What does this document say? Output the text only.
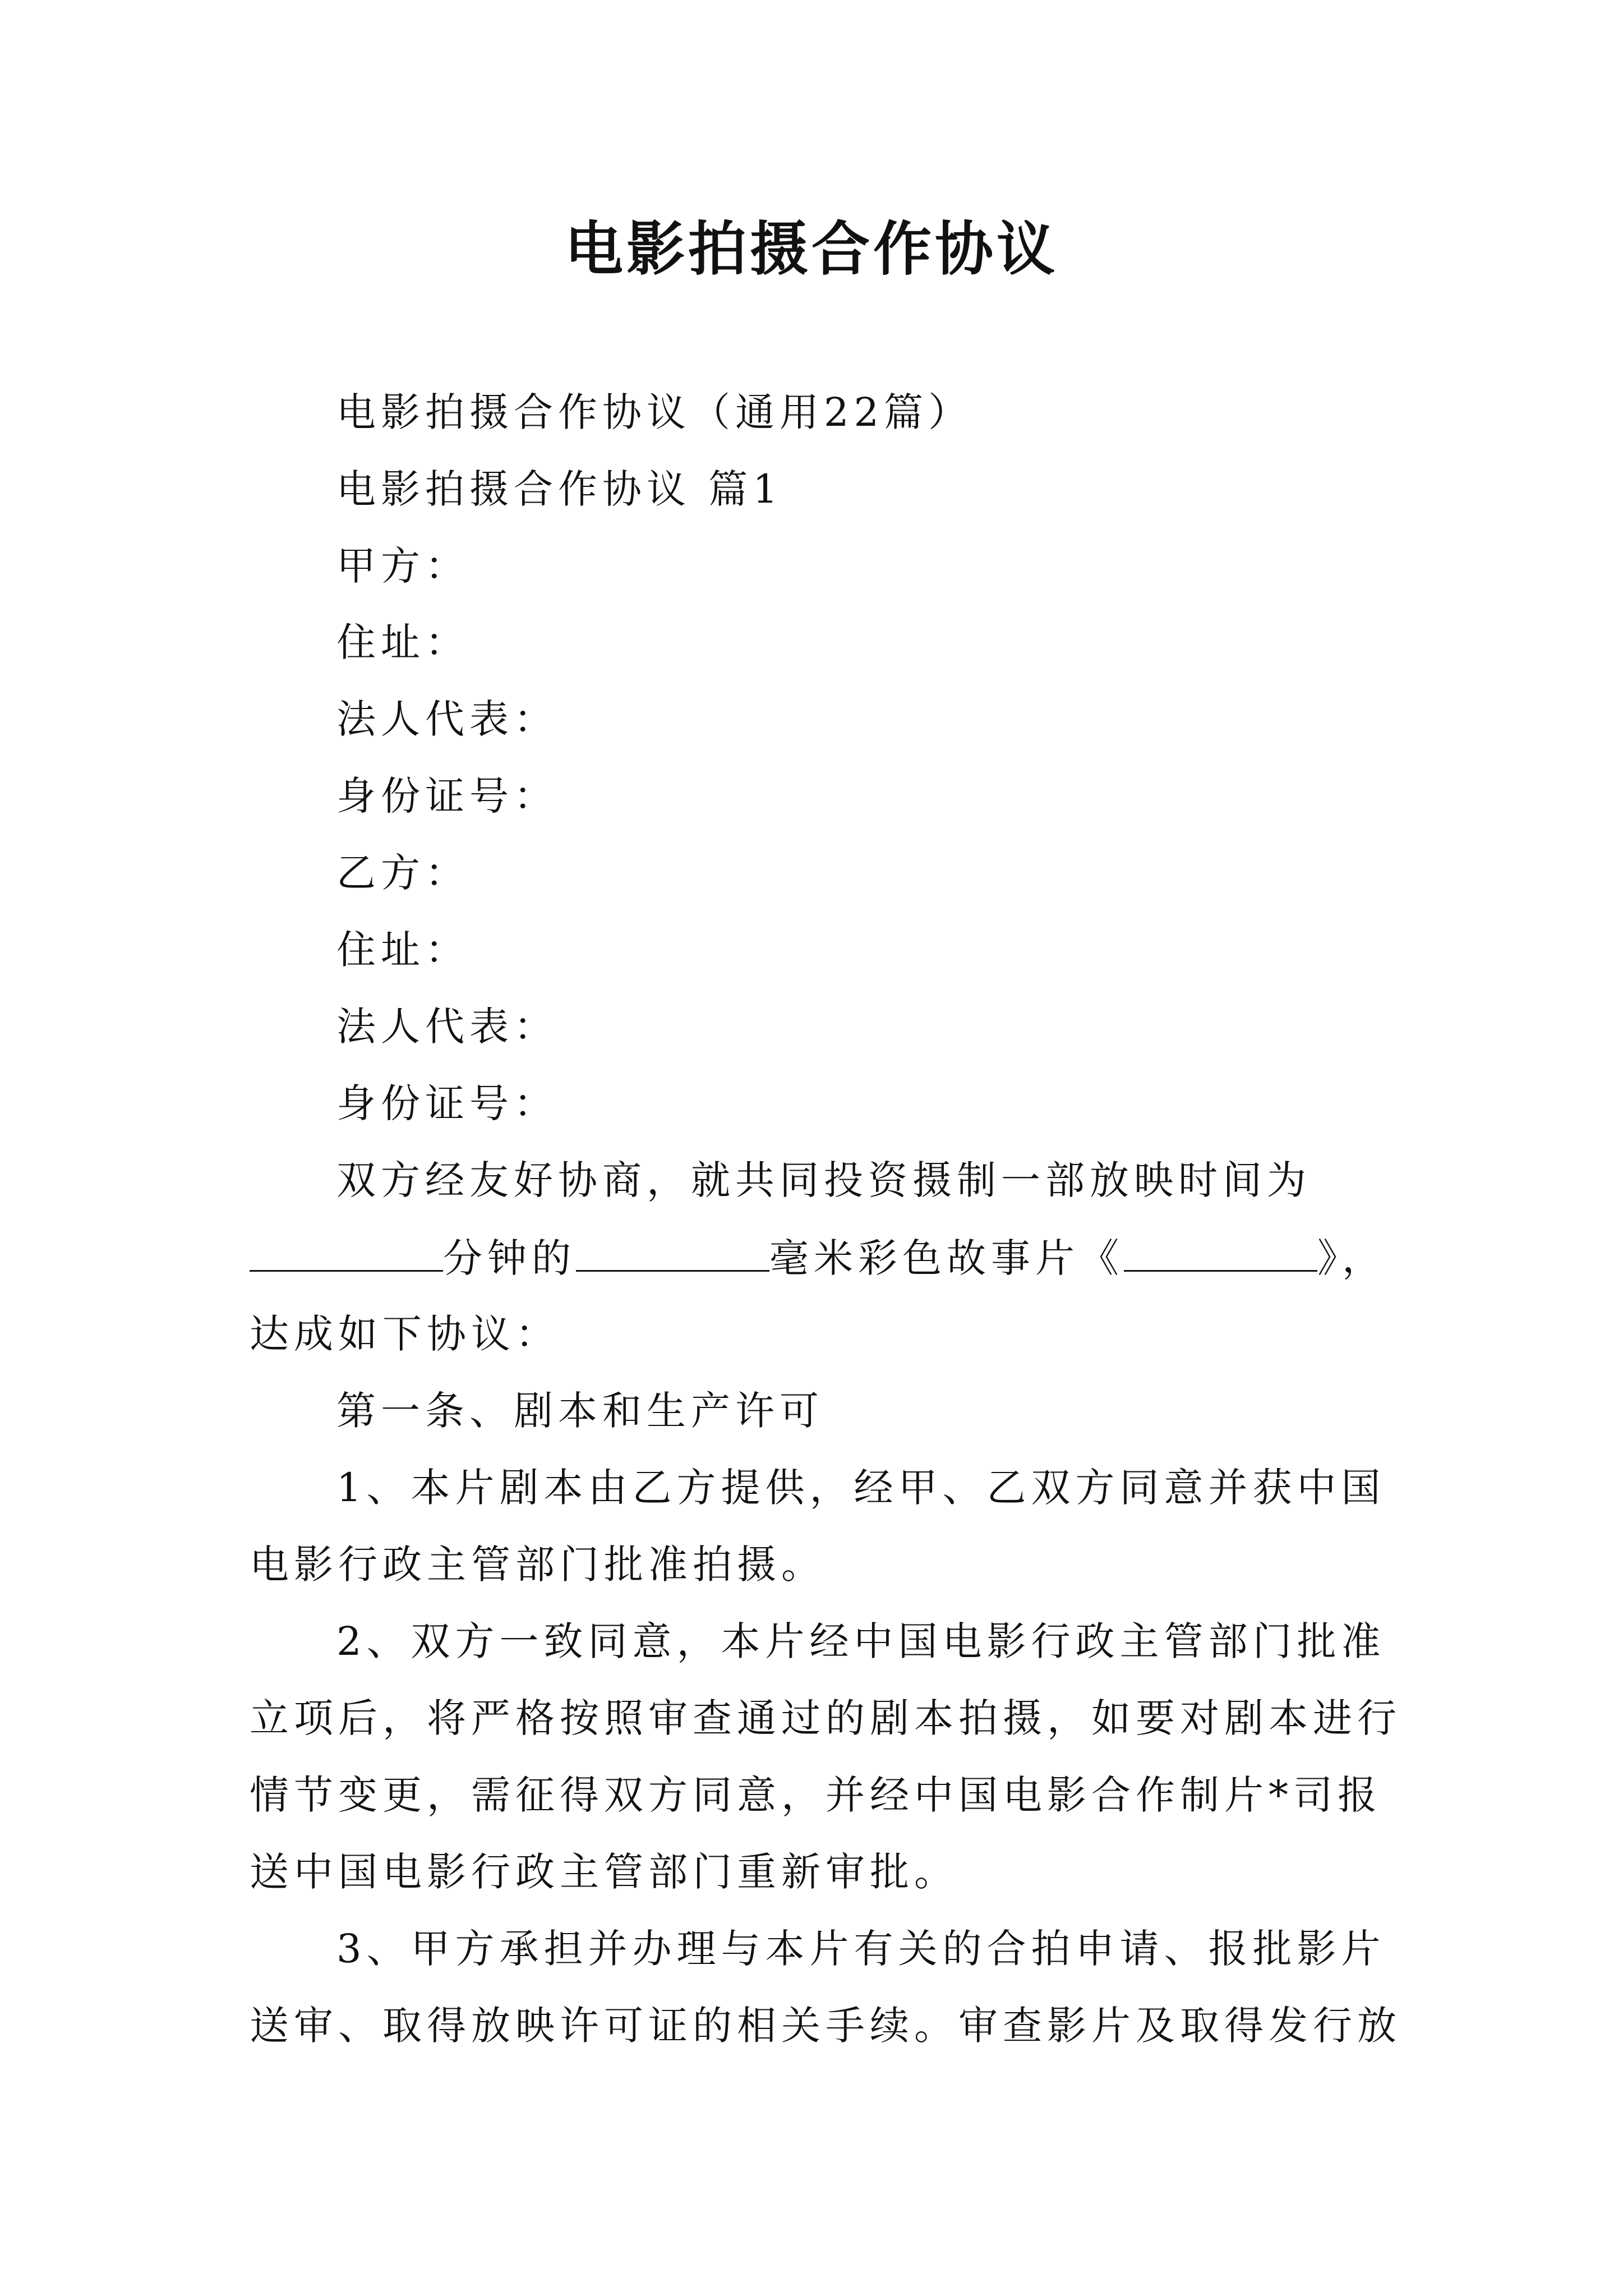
电影拍摄合作协议

电影拍摄合作协议（通用22篇）

电影拍摄合作协议 篇1

甲方：

住址：

法人代表：

身份证号：

乙方：

住址：

法人代表：

身份证号：

双方经友好协商，就共同投资摄制一部放映时间为

分钟的	毫米彩色故事片《	》，

达成如下协议：

第一条、剧本和生产许可

1、本片剧本由乙方提供，经甲、乙双方同意并获中国

电影行政主管部门批准拍摄。

2、双方一致同意，本片经中国电影行政主管部门批准

立项后，将严格按照审查通过的剧本拍摄，如要对剧本进行

情节变更，需征得双方同意，并经中国电影合作制片*司报

送中国电影行政主管部门重新审批。

3、甲方承担并办理与本片有关的合拍申请、报批影片

送审、取得放映许可证的相关手续。审查影片及取得发行放
